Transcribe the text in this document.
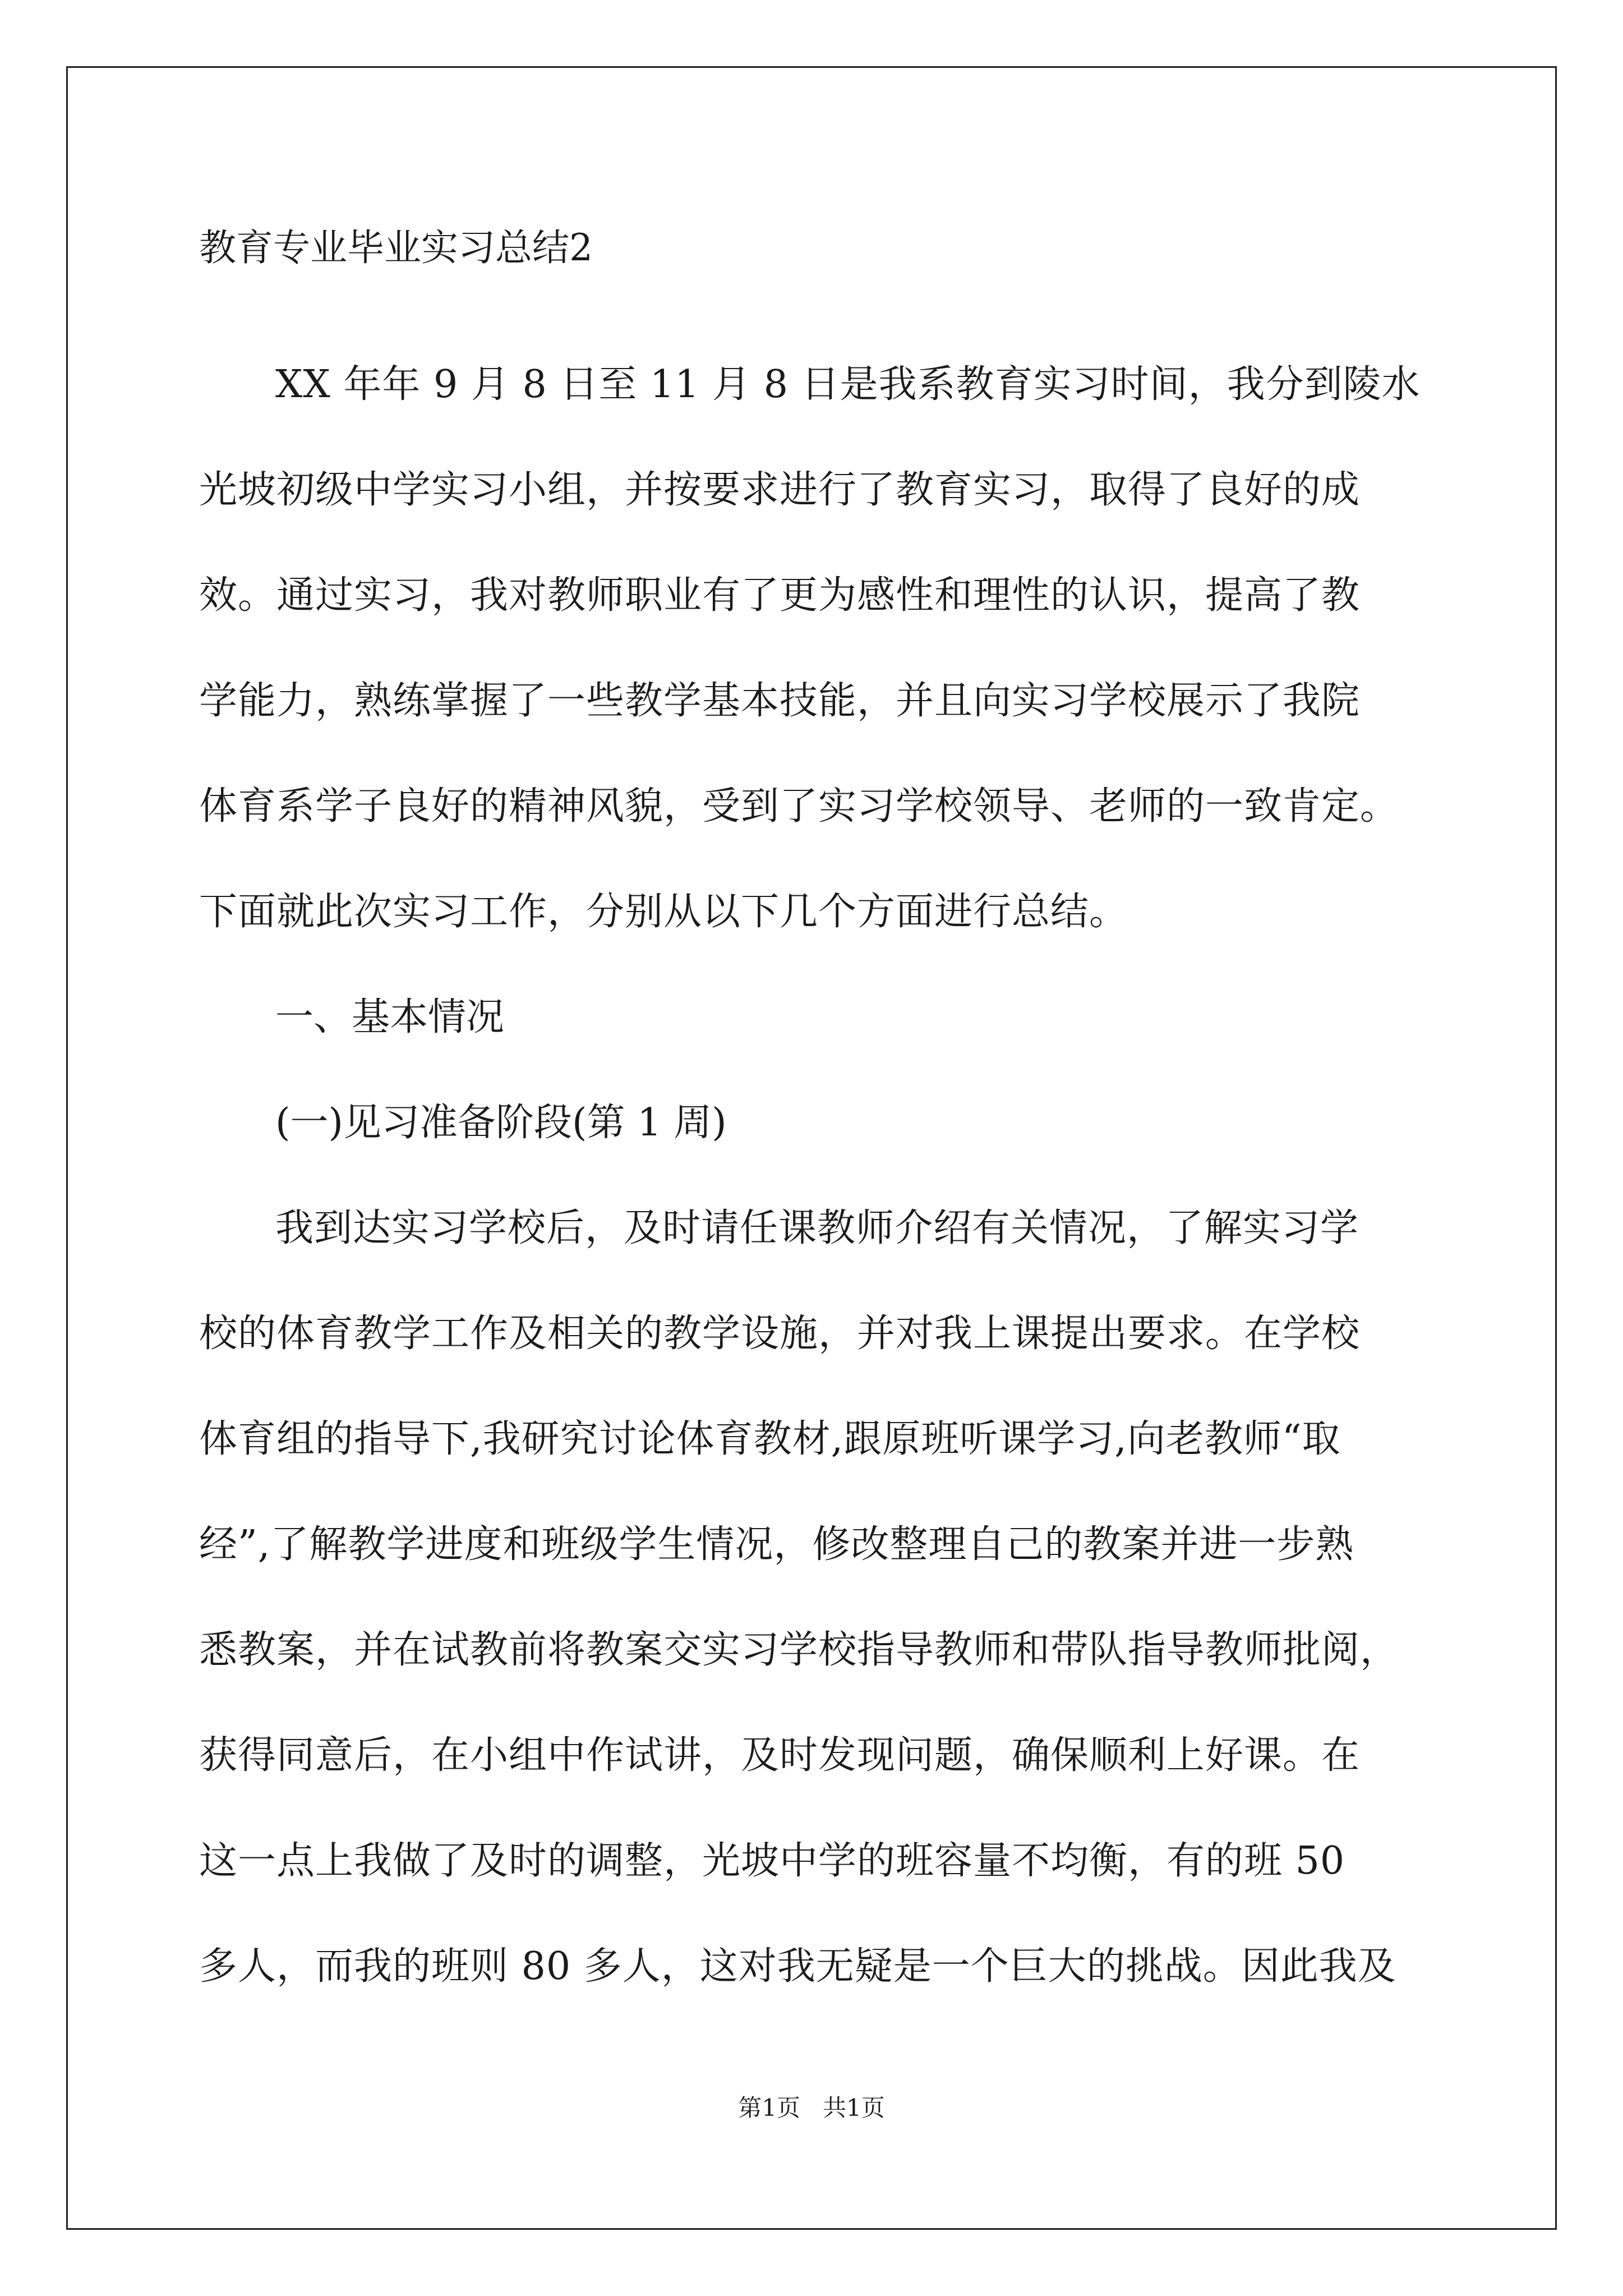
教育专业毕业实习总结2

XX 年年 9 月 8 日至 11 月 8 日是我系教育实习时间，我分到陵水
光坡初级中学实习小组，并按要求进行了教育实习，取得了良好的成
效。通过实习，我对教师职业有了更为感性和理性的认识，提高了教
学能力，熟练掌握了一些教学基本技能，并且向实习学校展示了我院
体育系学子良好的精神风貌，受到了实习学校领导、老师的一致肯定。
下面就此次实习工作，分别从以下几个方面进行总结。

一、基本情况
(一)见习准备阶段(第 1 周)

我到达实习学校后，及时请任课教师介绍有关情况，了解实习学
校的体育教学工作及相关的教学设施，并对我上课提出要求。在学校
体育组的指导下,我研究讨论体育教材,跟原班听课学习,向老教师“取
经”,了解教学进度和班级学生情况，修改整理自己的教案并进一步熟
悉教案，并在试教前将教案交实习学校指导教师和带队指导教师批阅，
获得同意后，在小组中作试讲，及时发现问题，确保顺利上好课。在
这一点上我做了及时的调整，光坡中学的班容量不均衡，有的班 50
多人，而我的班则 80 多人，这对我无疑是一个巨大的挑战。因此我及

第1页   共1页
